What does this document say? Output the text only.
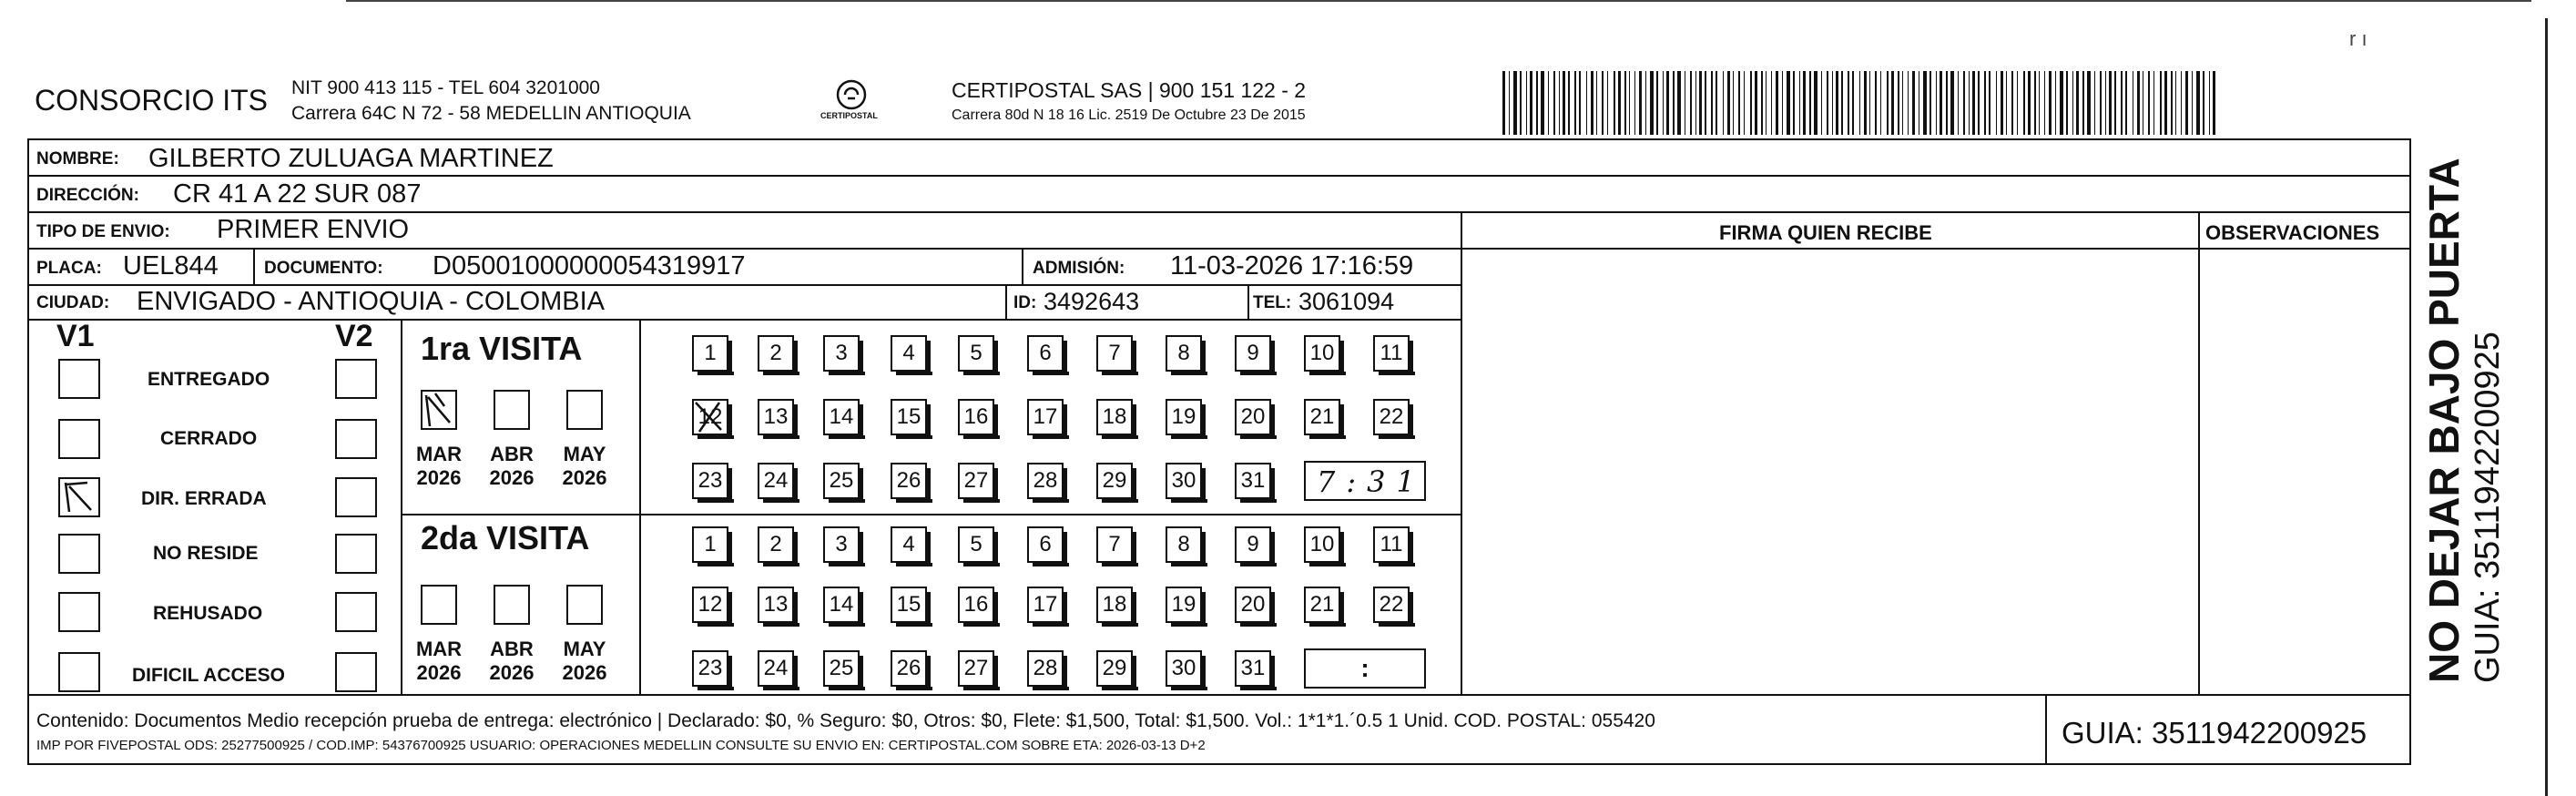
r ı
CONSORCIO ITS NIT 900 413 115 - TEL 604 3201000
Carrera 64C N 72 - 58 MEDELLIN ANTIOQUIA	CERTIPOSTAL
CERTIPOSTAL SAS | 900 151 122 - 2
Carrera 80d N 18 16 Lic. 2519 De Octubre 23 De 2015
NOMBRE: GILBERTO ZULUAGA MARTINEZ
DIRECCIÓN: CR 41 A 22 SUR 087
TIPO DE ENVIO: PRIMER ENVIO	FIRMA QUIEN RECIBE	OBSERVACIONES
PLACA: UEL844	DOCUMENTO: D05001000000054319917	ADMISIÓN: 11-03-2026 17:16:59
CIUDAD: ENVIGADO - ANTIOQUIA - COLOMBIA	ID: 3492643	TEL: 3061094
V1	V2
ENTREGADO
CERRADO
DIR. ERRADA
NO RESIDE
REHUSADO
DIFICIL ACCESO
1ra VISITA
MAR
2026
ABR
2026
MAY
2026
1	2	3	4	5	6	7	8	9	10	11
12 13 14 15 16 17 18 19 20 21 22
23 24 25 26 27 28 29 30 31 7:31
2da VISITA
MAR
2026
ABR
2026
MAY
2026
1	2	3	4	5	6	7	8	9	10	11
12 13 14 15 16 17 18 19 20 21 22
23 24 25 26 27 28 29 30 31	:
Contenido: Documentos Medio recepción prueba de entrega: electrónico | Declarado: $0, % Seguro: $0, Otros: $0, Flete: $1,500, Total: $1,500. Vol.: 1*1*1.´0.5 1 Unid. COD. POSTAL: 055420
IMP POR FIVEPOSTAL ODS: 25277500925 / COD.IMP: 54376700925 USUARIO: OPERACIONES MEDELLIN CONSULTE SU ENVIO EN: CERTIPOSTAL.COM SOBRE ETA: 2026-03-13 D+2	GUIA: 3511942200925
NO DEJAR BAJO PUERTA GUIA: 3511942200925
